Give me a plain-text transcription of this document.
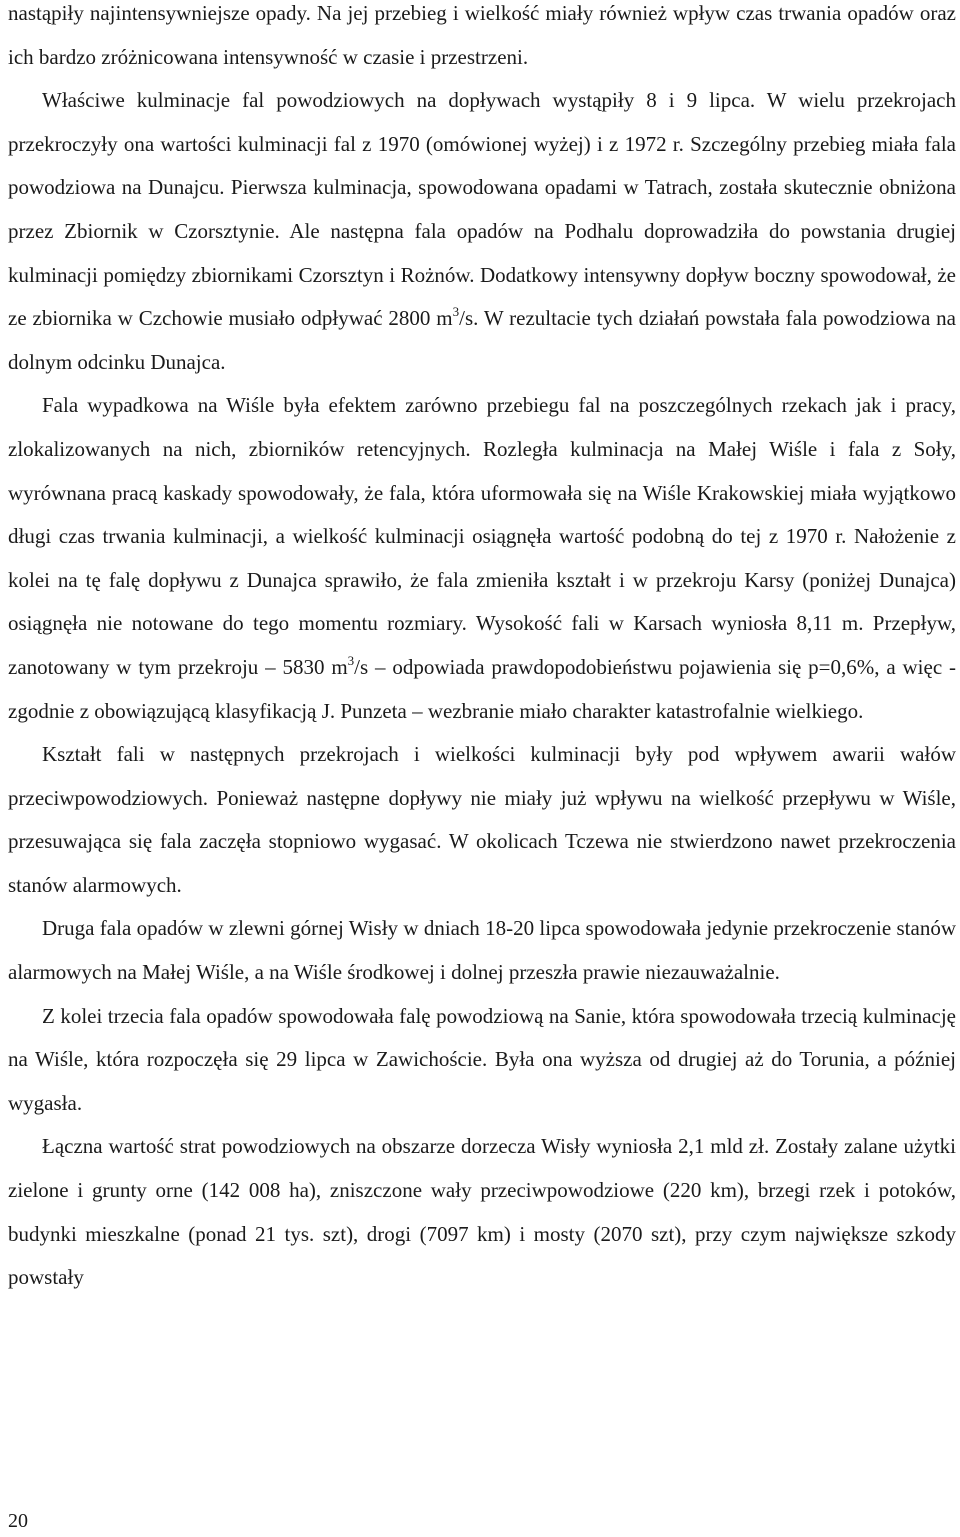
nastąpiły najintensywniejsze opady. Na jej przebieg i wielkość miały również wpływ czas trwania opadów oraz ich bardzo zróżnicowana intensywność w czasie i przestrzeni.

Właściwe kulminacje fal powodziowych na dopływach wystąpiły 8 i 9 lipca. W wielu przekrojach przekroczyły ona wartości kulminacji fal z 1970 (omówionej wyżej) i z 1972 r. Szczególny przebieg miała fala powodziowa na Dunajcu. Pierwsza kulminacja, spowodowana opadami w Tatrach, została skutecznie obniżona przez Zbiornik w Czorsztynie. Ale następna fala opadów na Podhalu doprowadziła do powstania drugiej kulminacji pomiędzy zbiornikami Czorsztyn i Rożnów. Dodatkowy intensywny dopływ boczny spowodował, że ze zbiornika w Czchowie musiało odpływać 2800 $m^3/s$. W rezultacie tych działań powstała fala powodziowa na dolnym odcinku Dunajca.

Fala wypadkowa na Wiśle była efektem zarówno przebiegu fal na poszczególnych rzekach jak i pracy, zlokalizowanych na nich, zbiorników retencyjnych. Rozległa kulminacja na Małej Wiśle i fala z Soły, wyrównana pracą kaskady spowodowały, że fala, która uformowała się na Wiśle Krakowskiej miała wyjątkowo długi czas trwania kulminacji, a wielkość kulminacji osiągnęła wartość podobną do tej z 1970 r. Nałożenie z kolei na tę falę dopływu z Dunajca sprawiło, że fala zmieniła kształt i w przekroju Karsy (poniżej Dunajca) osiągnęła nie notowane do tego momentu rozmiary. Wysokość fali w Karsach wyniosła 8,11 m. Przepływ, zanotowany w tym przekroju – 5830 $m^3/s$ – odpowiada prawdopodobieństwu pojawienia się p=0,6%, a więc - zgodnie z obowiązującą klasyfikacją J. Punzeta – wezbranie miało charakter katastrofalnie wielkiego.

Kształt fali w następnych przekrojach i wielkości kulminacji były pod wpływem awarii wałów przeciwpowodziowych. Ponieważ następne dopływy nie miały już wpływu na wielkość przepływu w Wiśle, przesuwająca się fala zaczęła stopniowo wygasać. W okolicach Tczewa nie stwierdzono nawet przekroczenia stanów alarmowych.

Druga fala opadów w zlewni górnej Wisły w dniach 18-20 lipca spowodowała jedynie przekroczenie stanów alarmowych na Małej Wiśle, a na Wiśle środkowej i dolnej przeszła prawie niezauważalnie.

Z kolei trzecia fala opadów spowodowała falę powodziową na Sanie, która spowodowała trzecią kulminację na Wiśle, która rozpoczęła się 29 lipca w Zawichoście. Była ona wyższa od drugiej aż do Torunia, a później wygasła.

Łączna wartość strat powodziowych na obszarze dorzecza Wisły wyniosła 2,1 mld zł. Zostały zalane użytki zielone i grunty orne (142 008 ha), zniszczone wały przeciwpowodziowe (220 km), brzegi rzek i potoków, budynki mieszkalne (ponad 21 tys. szt), drogi (7097 km) i mosty (2070 szt), przy czym największe szkody powstały

20
